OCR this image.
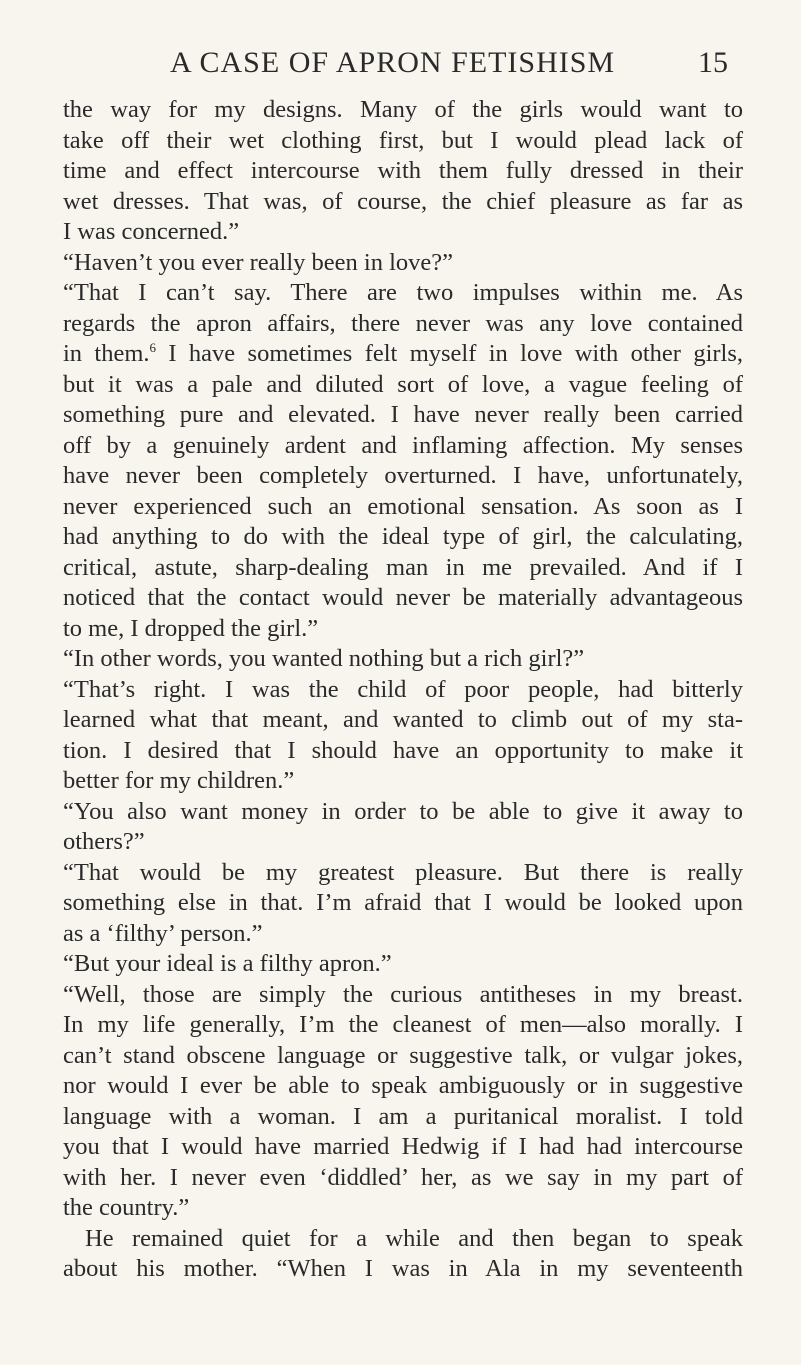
A CASE OF APRON FETISHISM	15
the way for my designs. Many of the girls would want to
take off their wet clothing first, but I would plead lack of
time and effect intercourse with them fully dressed in their
wet dresses. That was, of course, the chief pleasure as far as
I was concerned.”
“Haven’t you ever really been in love?”
“That I can’t say. There are two impulses within me. As
regards the apron affairs, there never was any love contained
in them.$^6$ I have sometimes felt myself in love with other girls,
but it was a pale and diluted sort of love, a vague feeling of
something pure and elevated. I have never really been carried
off by a genuinely ardent and inflaming affection. My senses
have never been completely overturned. I have, unfortunately,
never experienced such an emotional sensation. As soon as I
had anything to do with the ideal type of girl, the calculating,
critical, astute, sharp-dealing man in me prevailed. And if I
noticed that the contact would never be materially advantageous
to me, I dropped the girl.”
“In other words, you wanted nothing but a rich girl?”
“That’s right. I was the child of poor people, had bitterly
learned what that meant, and wanted to climb out of my sta-
tion. I desired that I should have an opportunity to make it
better for my children.”
“You also want money in order to be able to give it away to
others?”
“That would be my greatest pleasure. But there is really
something else in that. I’m afraid that I would be looked upon
as a ‘filthy’ person.”
“But your ideal is a filthy apron.”
“Well, those are simply the curious antitheses in my breast.
In my life generally, I’m the cleanest of men—also morally. I
can’t stand obscene language or suggestive talk, or vulgar jokes,
nor would I ever be able to speak ambiguously or in suggestive
language with a woman. I am a puritanical moralist. I told
you that I would have married Hedwig if I had had intercourse
with her. I never even ‘diddled’ her, as we say in my part of
the country.”
He remained quiet for a while and then began to speak
about his mother. “When I was in Ala in my seventeenth
